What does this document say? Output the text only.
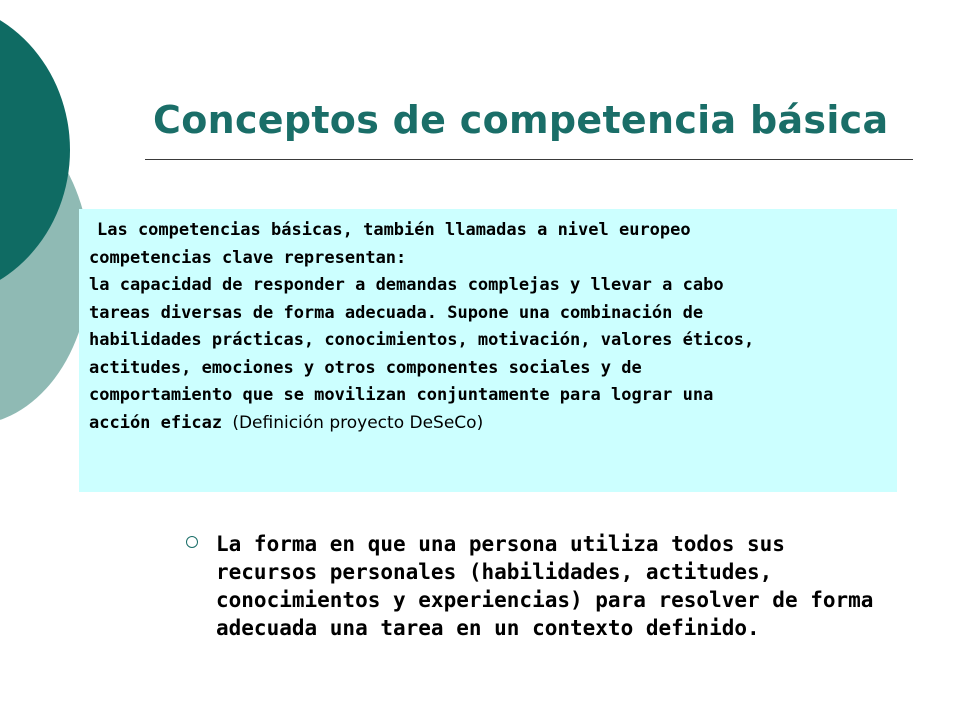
Conceptos de competencia básica

Las competencias básicas, también llamadas a nivel europeo

competencias clave representan:

la capacidad de responder a demandas complejas y llevar a cabo

tareas diversas de forma adecuada. Supone una combinación de

habilidades prácticas, conocimientos, motivación, valores éticos,

actitudes, emociones y otros componentes sociales y de

comportamiento que se movilizan conjuntamente para lograr una

acción eficaz (Definición proyecto DeSeCo)

La forma en que una persona utiliza todos sus
recursos personales (habilidades, actitudes,
conocimientos y experiencias) para resolver de forma
adecuada una tarea en un contexto definido.
